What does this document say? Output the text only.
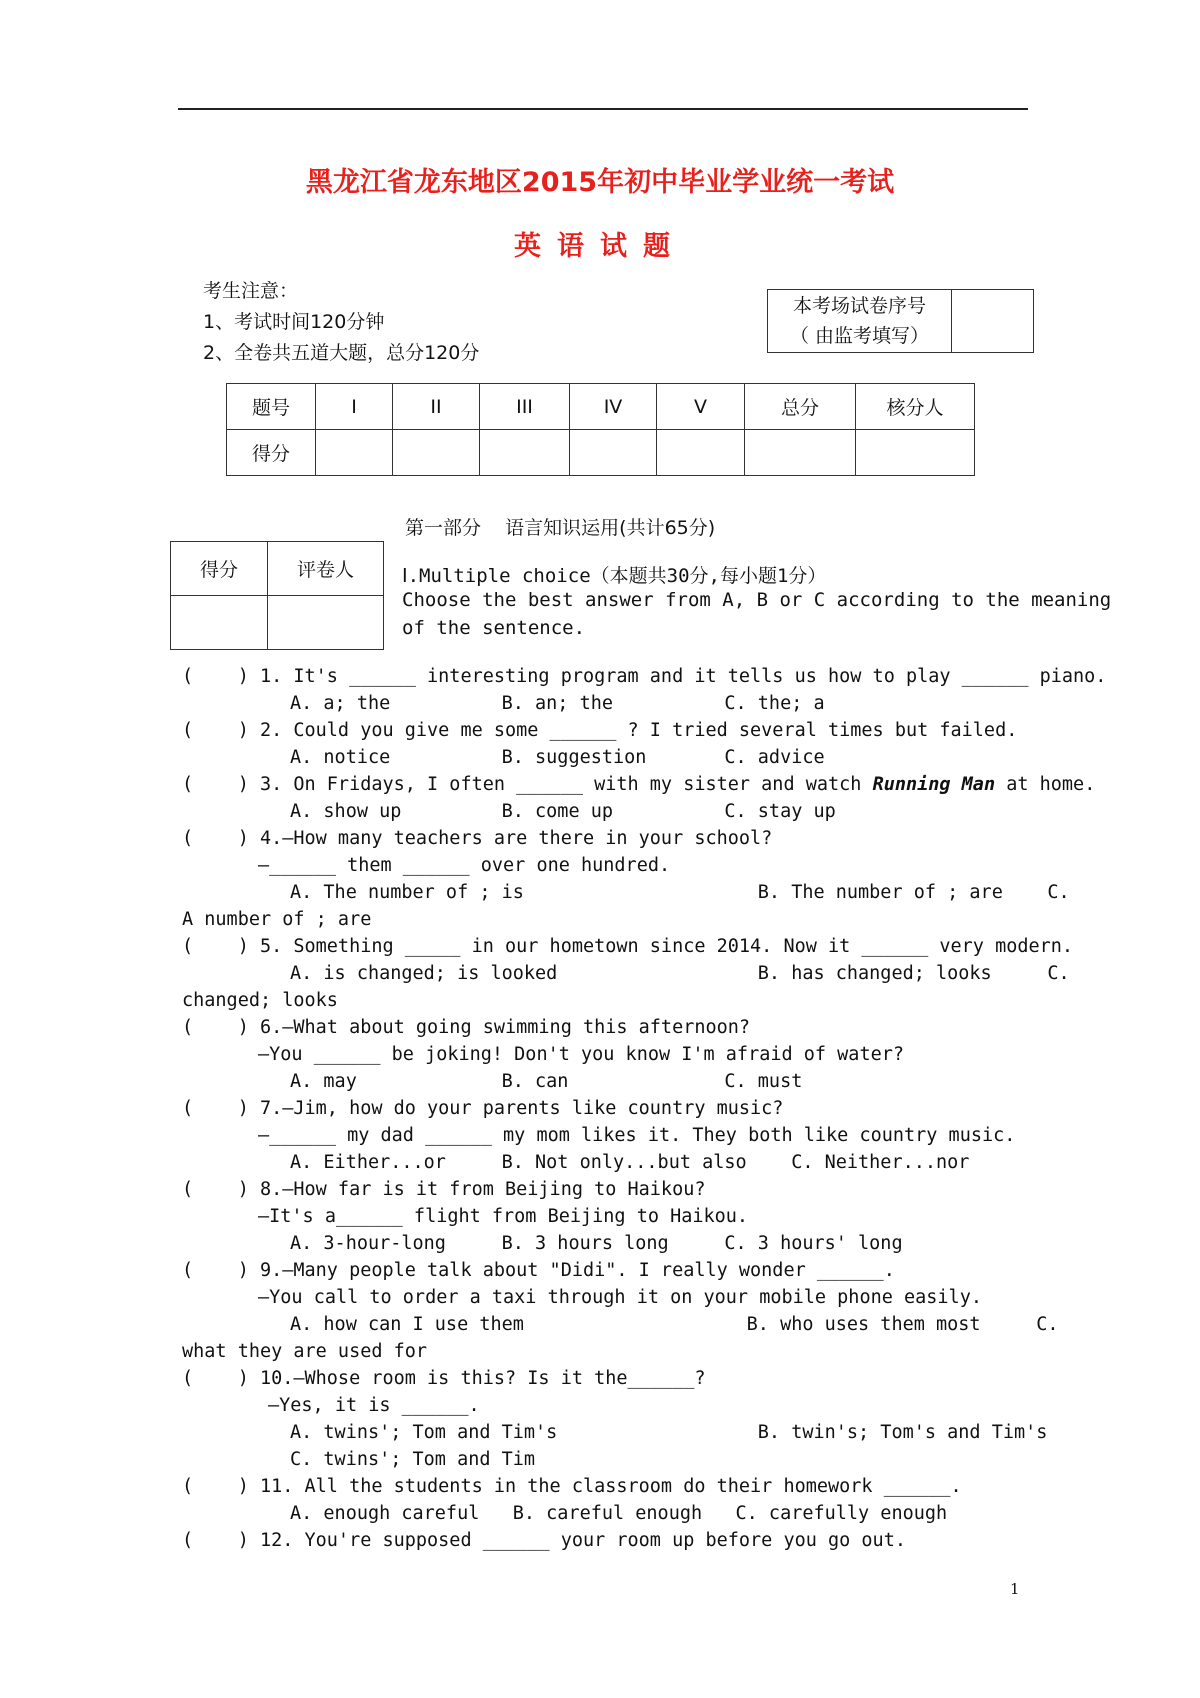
黑龙江省龙东地区2015年初中毕业学业统一考试
英语试题
考生注意：
1、考试时间120分钟
2、全卷共五道大题，总分120分
本考场试卷序号
（ 由监考填写）
题号	I	II	III	IV	V	总分	核分人
得分							
第一部分    语言知识运用(共计65分)
得分	评卷人
		Ⅰ.Multiple choice（本题共30分,每小题1分）
Choose the best answer from A, B or C according to the meaning
of the sentence.
(    ) 1. It's ______ interesting program and it tells us how to play ______ piano.
A. a; the          B. an; the          C. the; a
(    ) 2. Could you give me some ______ ? I tried several times but failed.
A. notice          B. suggestion       C. advice
(    ) 3. On Fridays, I often ______ with my sister and watch Running Man at home.
A. show up         B. come up          C. stay up
(    ) 4.—How many teachers are there in your school?
—______ them ______ over one hundred.
A. The number of ; is                     B. The number of ; are    C.
A number of ; are
(    ) 5. Something _____ in our hometown since 2014. Now it ______ very modern.
A. is changed; is looked                  B. has changed; looks     C.
changed; looks
(    ) 6.—What about going swimming this afternoon?
—You ______ be joking! Don't you know I'm afraid of water?
A. may             B. can              C. must
(    ) 7.—Jim, how do your parents like country music?
—______ my dad ______ my mom likes it. They both like country music.
A. Either...or     B. Not only...but also    C. Neither...nor
(    ) 8.—How far is it from Beijing to Haikou?
—It's a______ flight from Beijing to Haikou.
A. 3-hour-long     B. 3 hours long     C. 3 hours' long
(    ) 9.—Many people talk about "Didi". I really wonder ______.
—You call to order a taxi through it on your mobile phone easily.
A. how can I use them                    B. who uses them most     C.
what they are used for
(    ) 10.—Whose room is this? Is it the______?
—Yes, it is ______.
A. twins'; Tom and Tim's                  B. twin's; Tom's and Tim's
C. twins'; Tom and Tim
(    ) 11. All the students in the classroom do their homework ______.
A. enough careful   B. careful enough   C. carefully enough
(    ) 12. You're supposed ______ your room up before you go out.
1
